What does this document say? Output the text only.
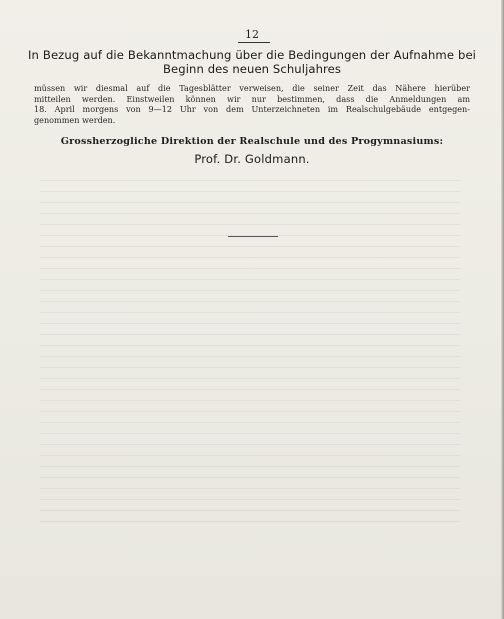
12
In Bezug auf die Bekanntmachung über die Bedingungen der Aufnahme bei
Beginn des neuen Schuljahres
müssen wir diesmal auf die Tagesblätter verweisen, die seiner Zeit das Nähere hierüber
mitteilen werden. Einstweilen können wir nur bestimmen, dass die Anmeldungen am
18. April morgens von 9—12 Uhr von dem Unterzeichneten im Realschulgebäude entgegen-
genommen werden.
Grossherzogliche Direktion der Realschule und des Progymnasiums:
Prof. Dr. Goldmann.
